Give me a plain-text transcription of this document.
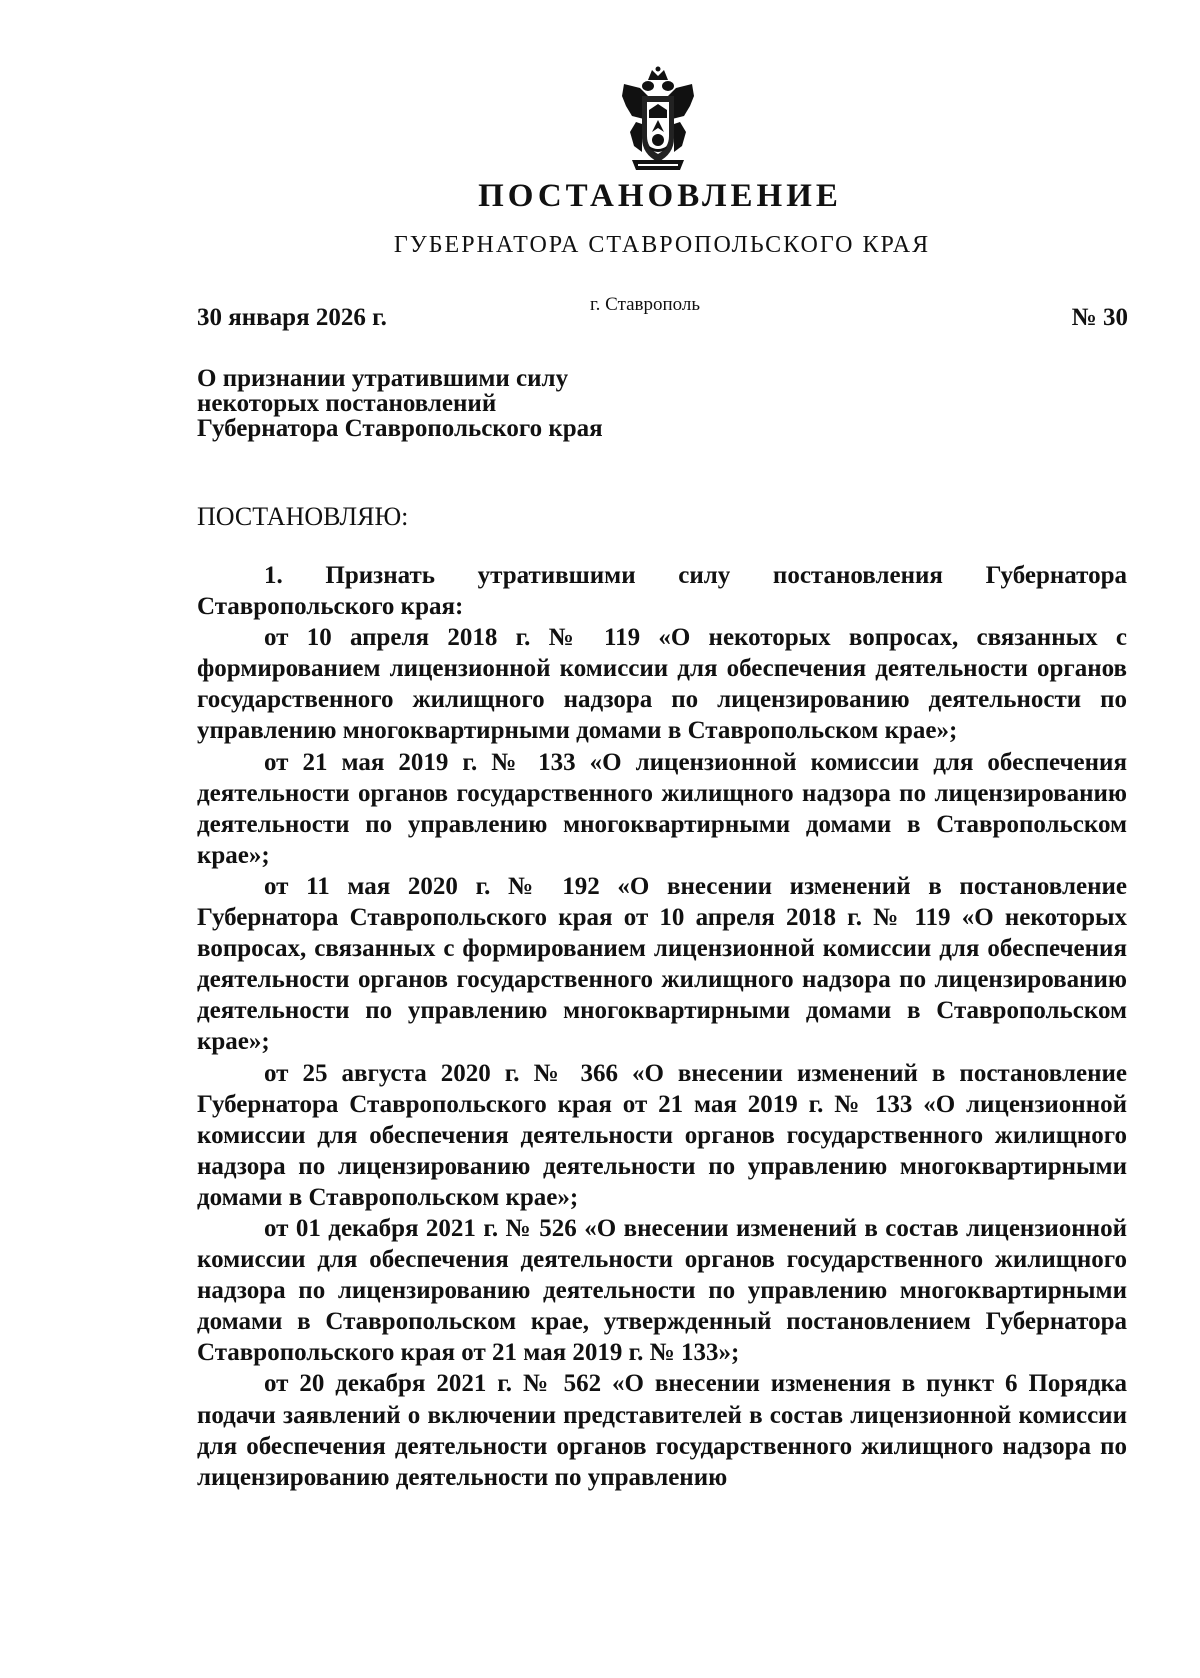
ПОСТАНОВЛЕНИЕ
ГУБЕРНАТОРА СТАВРОПОЛЬСКОГО КРАЯ
30 января 2026 г.	г. Ставрополь	№ 30
О признании утратившими силу
некоторых постановлений
Губернатора Ставропольского края
ПОСТАНОВЛЯЮ:

1. Признать утратившими силу постановления Губернатора Ставропольского края:

от 10 апреля 2018 г. № 119 «О некоторых вопросах, связанных с формированием лицензионной комиссии для обеспечения деятельности органов государственного жилищного надзора по лицензированию деятельности по управлению многоквартирными домами в Ставропольском крае»;

от 21 мая 2019 г. № 133 «О лицензионной комиссии для обеспечения деятельности органов государственного жилищного надзора по лицензированию деятельности по управлению многоквартирными домами в Ставропольском крае»;

от 11 мая 2020 г. № 192 «О внесении изменений в постановление Губернатора Ставропольского края от 10 апреля 2018 г. № 119 «О некоторых вопросах, связанных с формированием лицензионной комиссии для обеспечения деятельности органов государственного жилищного надзора по лицензированию деятельности по управлению многоквартирными домами в Ставропольском крае»;

от 25 августа 2020 г. № 366 «О внесении изменений в постановление Губернатора Ставропольского края от 21 мая 2019 г. № 133 «О лицензионной комиссии для обеспечения деятельности органов государственного жилищного надзора по лицензированию деятельности по управлению многоквартирными домами в Ставропольском крае»;

от 01 декабря 2021 г. № 526 «О внесении изменений в состав лицензионной комиссии для обеспечения деятельности органов государственного жилищного надзора по лицензированию деятельности по управлению многоквартирными домами в Ставропольском крае, утвержденный постановлением Губернатора Ставропольского края от 21 мая 2019 г. № 133»;

от 20 декабря 2021 г. № 562 «О внесении изменения в пункт 6 Порядка подачи заявлений о включении представителей в состав лицензионной комиссии для обеспечения деятельности органов государственного жилищного надзора по лицензированию деятельности по управлению
